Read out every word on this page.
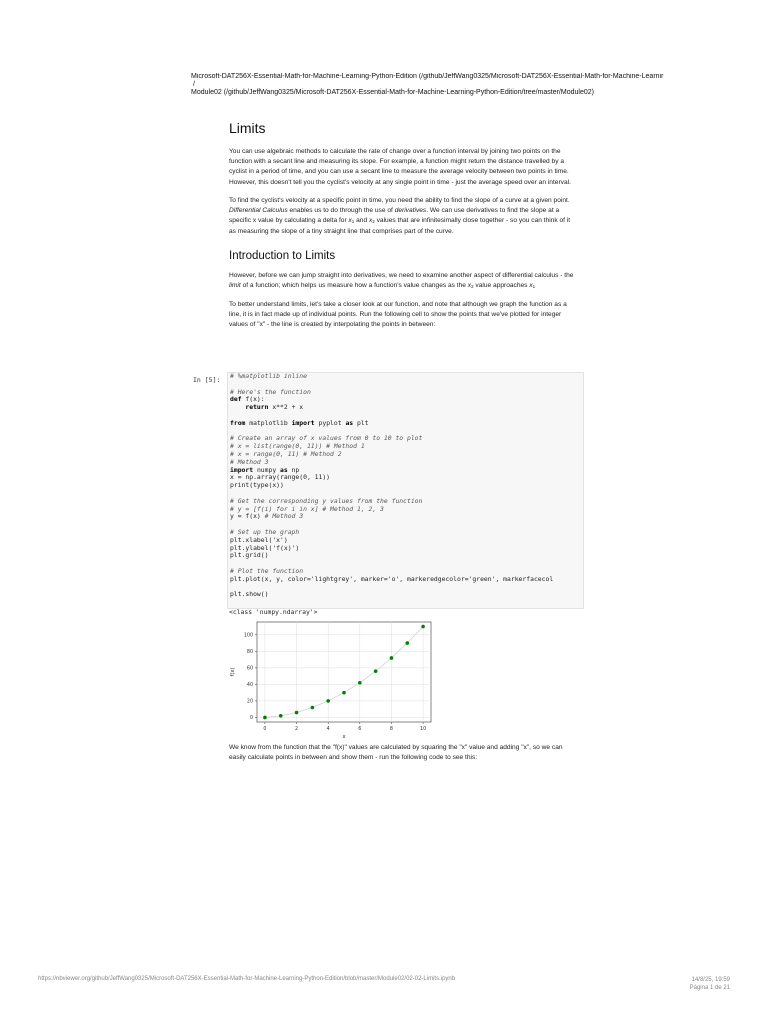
Microsoft-DAT256X-Essential-Math-for-Machine-Learning-Python-Edition (/github/JeffWang0325/Microsoft-DAT256X-Essential-Math-for-Machine-Learnir
/
Module02 (/github/JeffWang0325/Microsoft-DAT256X-Essential-Math-for-Machine-Learning-Python-Edition/tree/master/Module02)
Limits

You can use algebraic methods to calculate the rate of change over a function interval by joining two points on the function with a secant line and measuring its slope. For example, a function might return the distance travelled by a cyclist in a period of time, and you can use a secant line to measure the average velocity between two points in time. However, this doesn't tell you the cyclist's velocity at any single point in time - just the average speed over an interval.

To find the cyclist's velocity at a specific point in time, you need the ability to find the slope of a curve at a given point. Differential Calculus enables us to do through the use of derivatives. We can use derivatives to find the slope at a specific x value by calculating a delta for $x_1$ and $x_2$ values that are infinitesimally close together - so you can think of it as measuring the slope of a tiny straight line that comprises part of the curve.

Introduction to Limits

However, before we can jump straight into derivatives, we need to examine another aspect of differential calculus - the limit of a function; which helps us measure how a function's value changes as the $x_2$ value approaches $x_1$

To better understand limits, let's take a closer look at our function, and note that although we graph the function as a line, it is in fact made up of individual points. Run the following cell to show the points that we've plotted for integer values of "x" - the line is created by interpolating the points in between:

In [5]:	# %matplotlib inline
# Here's the function
def f(x):
return x**2 + x
from matplotlib import pyplot as plt
# Create an array of x values from 0 to 10 to plot
# x = list(range(0, 11)) # Method 1
# x = range(0, 11) # Method 2
# Method 3
import numpy as np
x = np.array(range(0, 11))
print(type(x))
# Get the corresponding y values from the function
# y = [f(i) for i in x] # Method 1, 2, 3
y = f(x) # Method 3
# Set up the graph
plt.xlabel('x')
plt.ylabel('f(x)')
plt.grid()
# Plot the function
plt.plot(x, y, color='lightgrey', marker='o', markeredgecolor='green', markerfacecol
plt.show()
<class 'numpy.ndarray'>
0	2	4	6	8	10
0
20
40
60
80
100
x
f(x)

We know from the function that the "f(x)" values are calculated by squaring the "x" value and adding "x", so we can easily calculate points in between and show them - run the following code to see this:

https://nbviewer.org/github/JeffWang0325/Microsoft-DAT256X-Essential-Math-for-Machine-Learning-Python-Edition/blob/master/Module02/02-02-Limits.ipynb	14/8/25, 19:59
Página 1 de 21
